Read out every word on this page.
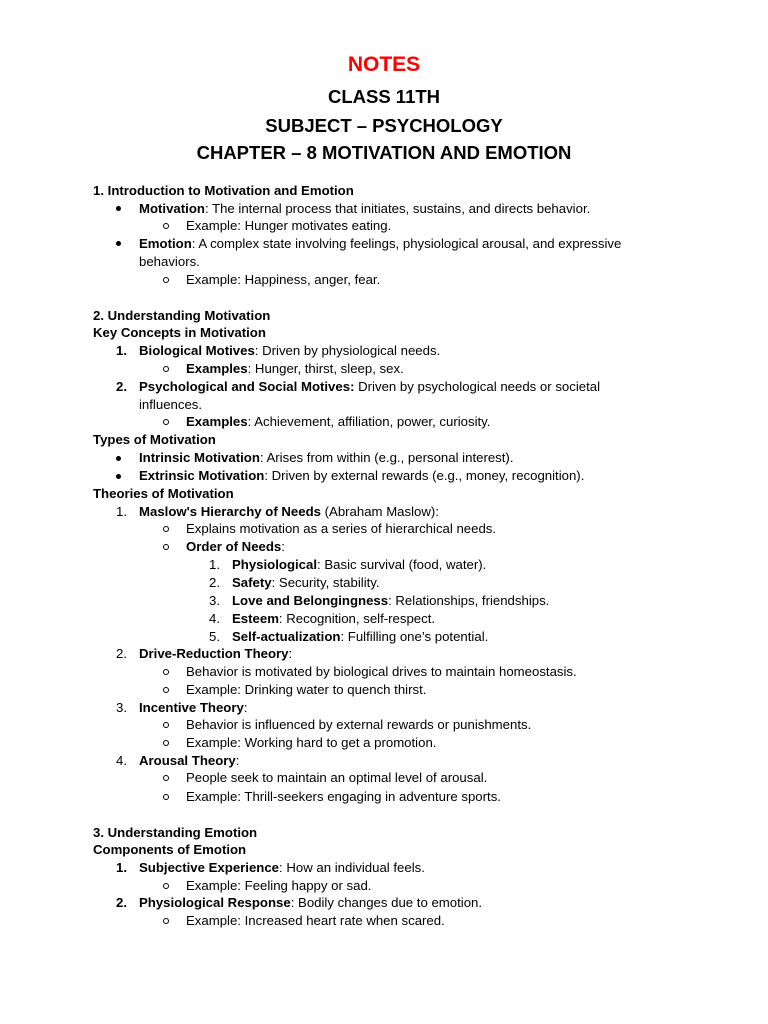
NOTES
CLASS 11TH
SUBJECT – PSYCHOLOGY
CHAPTER – 8 MOTIVATION AND EMOTION
1. Introduction to Motivation and Emotion
Motivation: The internal process that initiates, sustains, and directs behavior.
Example: Hunger motivates eating.
Emotion: A complex state involving feelings, physiological arousal, and expressive
behaviors.
Example: Happiness, anger, fear.
2. Understanding Motivation
Key Concepts in Motivation
1. Biological Motives: Driven by physiological needs.
Examples: Hunger, thirst, sleep, sex.
2. Psychological and Social Motives: Driven by psychological needs or societal
influences.
Examples: Achievement, affiliation, power, curiosity.
Types of Motivation
Intrinsic Motivation: Arises from within (e.g., personal interest).
Extrinsic Motivation: Driven by external rewards (e.g., money, recognition).
Theories of Motivation
1. Maslow's Hierarchy of Needs (Abraham Maslow):
Explains motivation as a series of hierarchical needs.
Order of Needs:
1. Physiological: Basic survival (food, water).
2. Safety: Security, stability.
3. Love and Belongingness: Relationships, friendships.
4. Esteem: Recognition, self-respect.
5. Self-actualization: Fulfilling one’s potential.
2. Drive-Reduction Theory:
Behavior is motivated by biological drives to maintain homeostasis.
Example: Drinking water to quench thirst.
3. Incentive Theory:
Behavior is influenced by external rewards or punishments.
Example: Working hard to get a promotion.
4. Arousal Theory:
People seek to maintain an optimal level of arousal.
Example: Thrill-seekers engaging in adventure sports.
3. Understanding Emotion
Components of Emotion
1. Subjective Experience: How an individual feels.
Example: Feeling happy or sad.
2. Physiological Response: Bodily changes due to emotion.
Example: Increased heart rate when scared.
